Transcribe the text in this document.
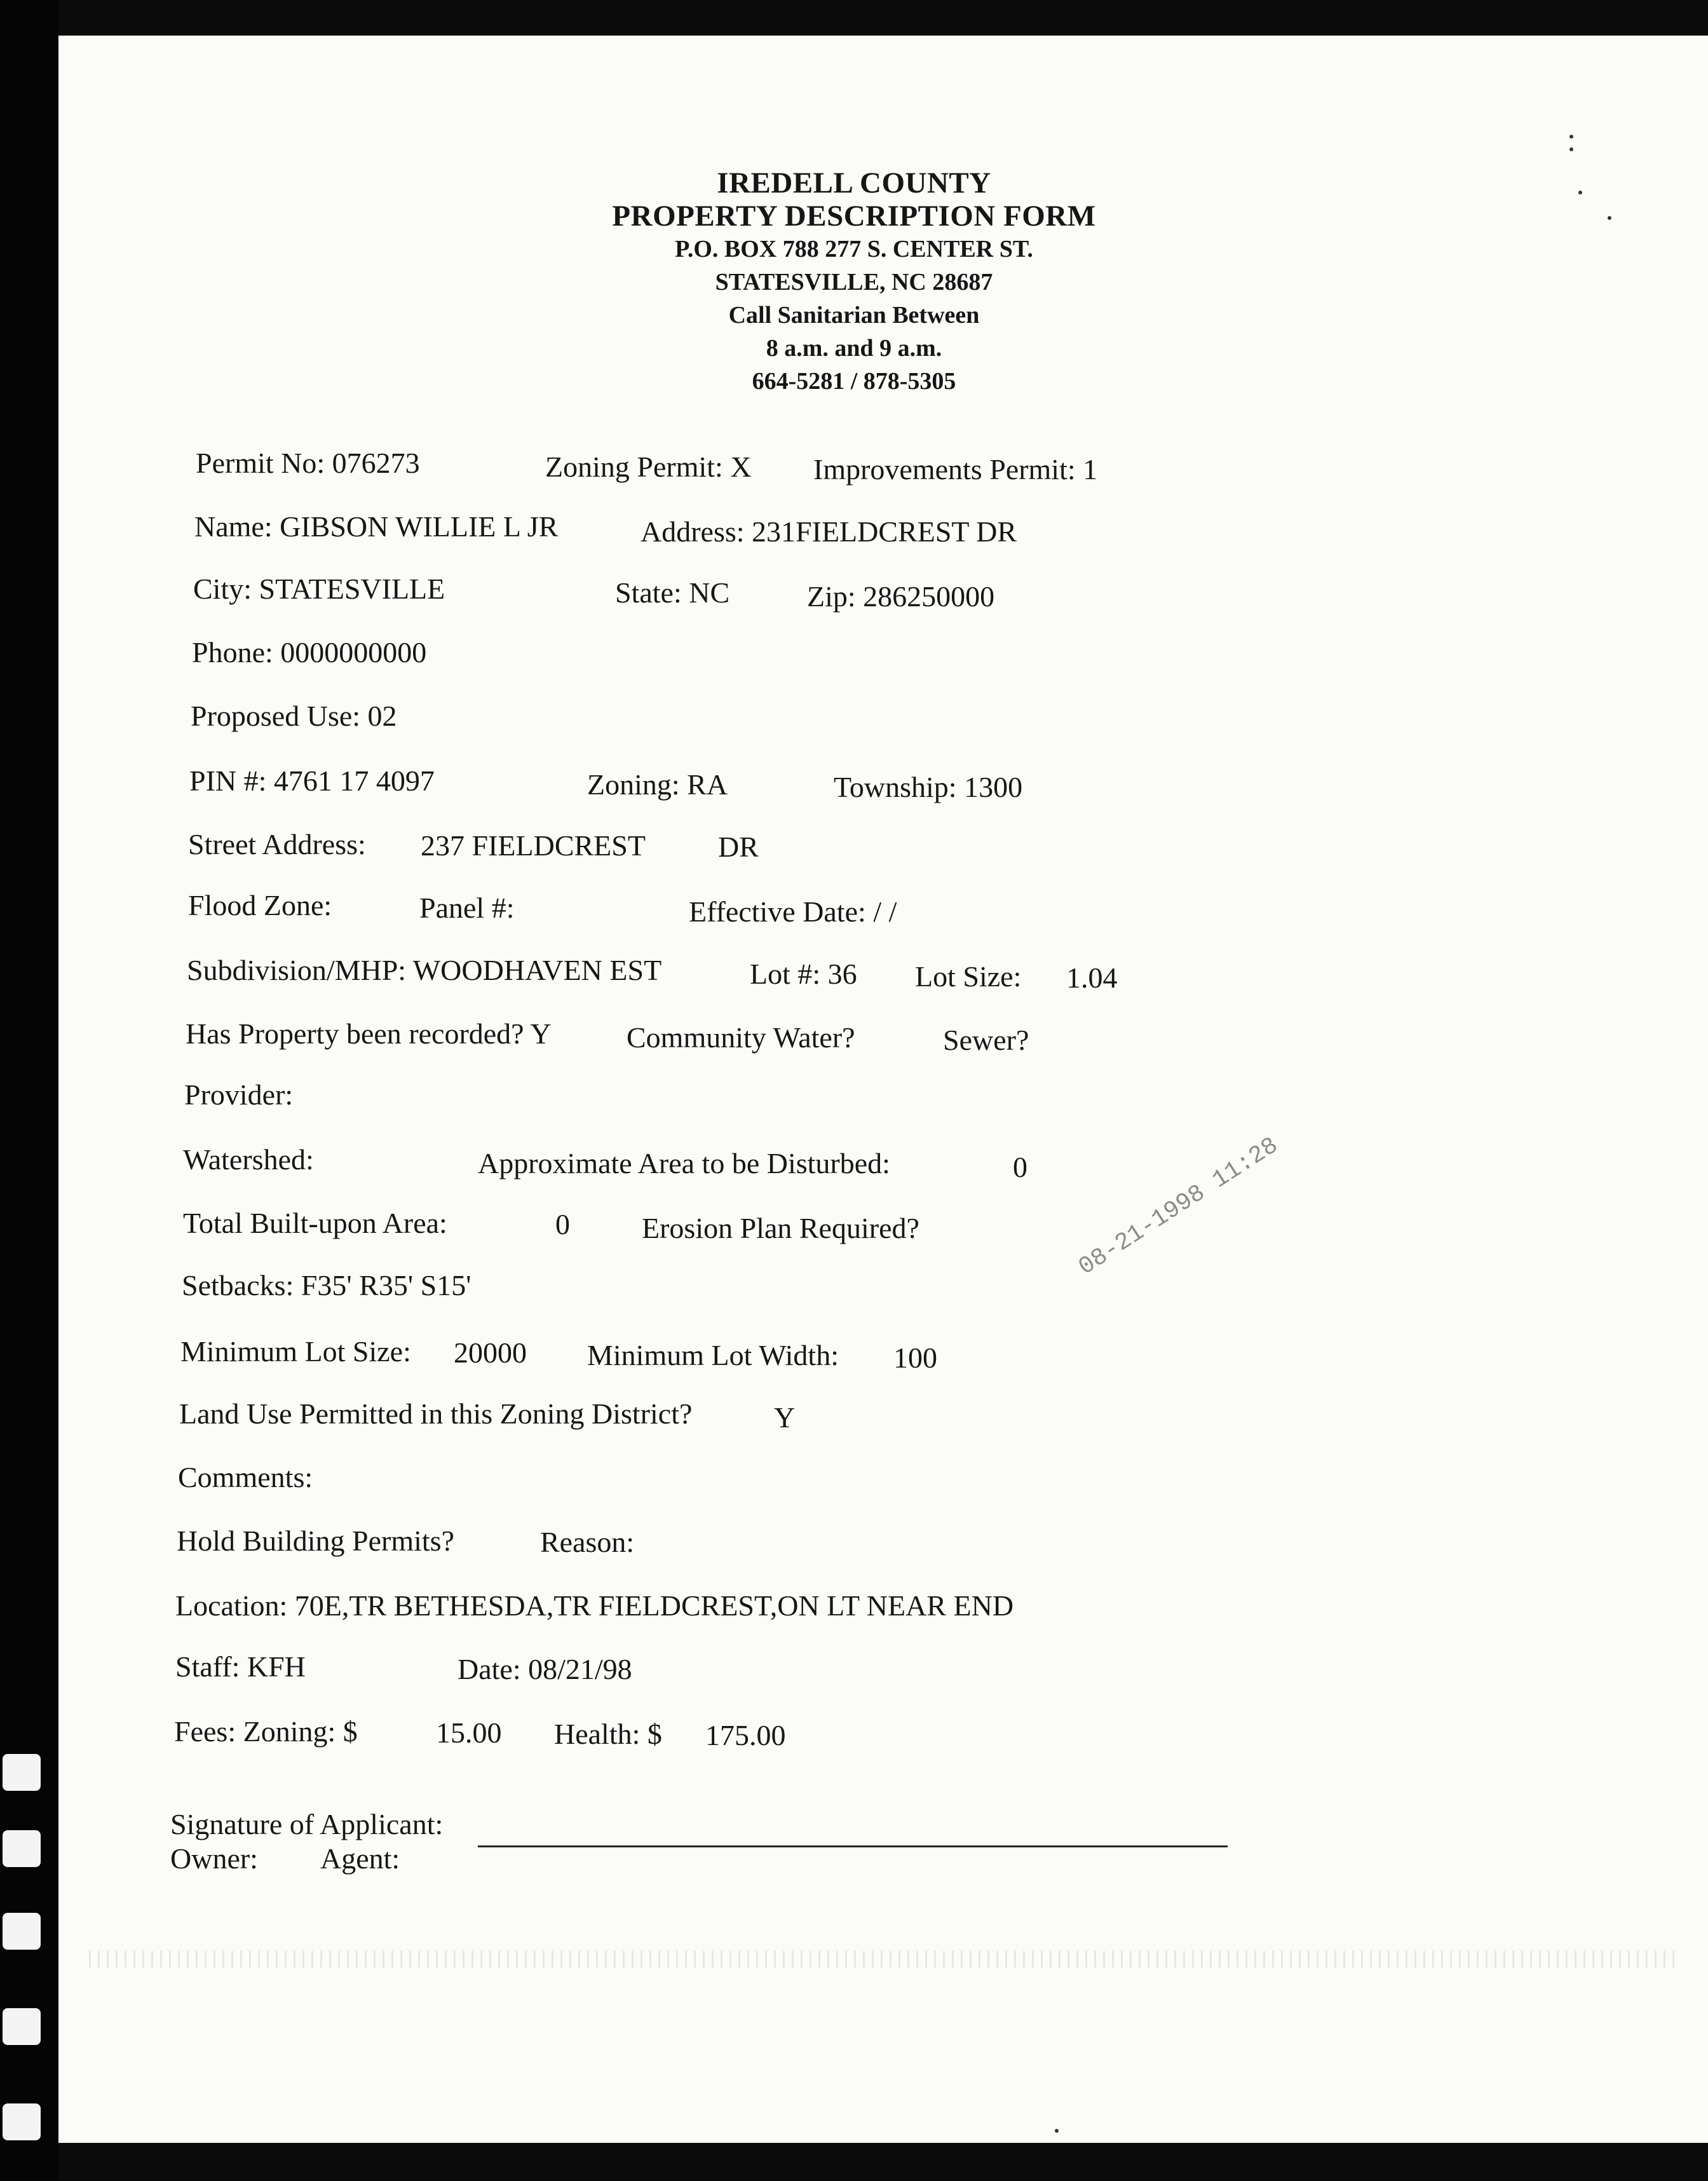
IREDELL COUNTY
PROPERTY DESCRIPTION FORM
P.O. BOX 788 277 S. CENTER ST.
STATESVILLE, NC 28687
Call Sanitarian Between
8 a.m. and 9 a.m.
664-5281 / 878-5305
Permit No: 076273	Zoning Permit: X Improvements Permit: 1
Name: GIBSON WILLIE L JR	Address: 231FIELDCREST DR
City: STATESVILLE	State: NC	Zip: 286250000
Phone: 0000000000
Proposed Use: 02
PIN #: 4761 17 4097	Zoning: RA	Township: 1300
Street Address: 237 FIELDCREST DR
Flood Zone:	Panel #:	Effective Date: / /
Subdivision/MHP: WOODHAVEN EST	Lot #: 36 Lot Size: 1.04
Has Property been recorded? Y	Community Water?	Sewer?
Provider:
Watershed:	Approximate Area to be Disturbed:	0
Total Built-upon Area:	0 Erosion Plan Required?
Setbacks: F35' R35' S15'
Minimum Lot Size: 20000 Minimum Lot Width: 100
Land Use Permitted in this Zoning District?	Y
Comments:
Hold Building Permits?	Reason:
Location: 70E,TR BETHESDA,TR FIELDCREST,ON LT NEAR END
Staff: KFH	Date: 08/21/98
Fees: Zoning: $	15.00 Health: $ 175.00
Signature of Applicant:
Owner: Agent:
08-21-1998 11:28
